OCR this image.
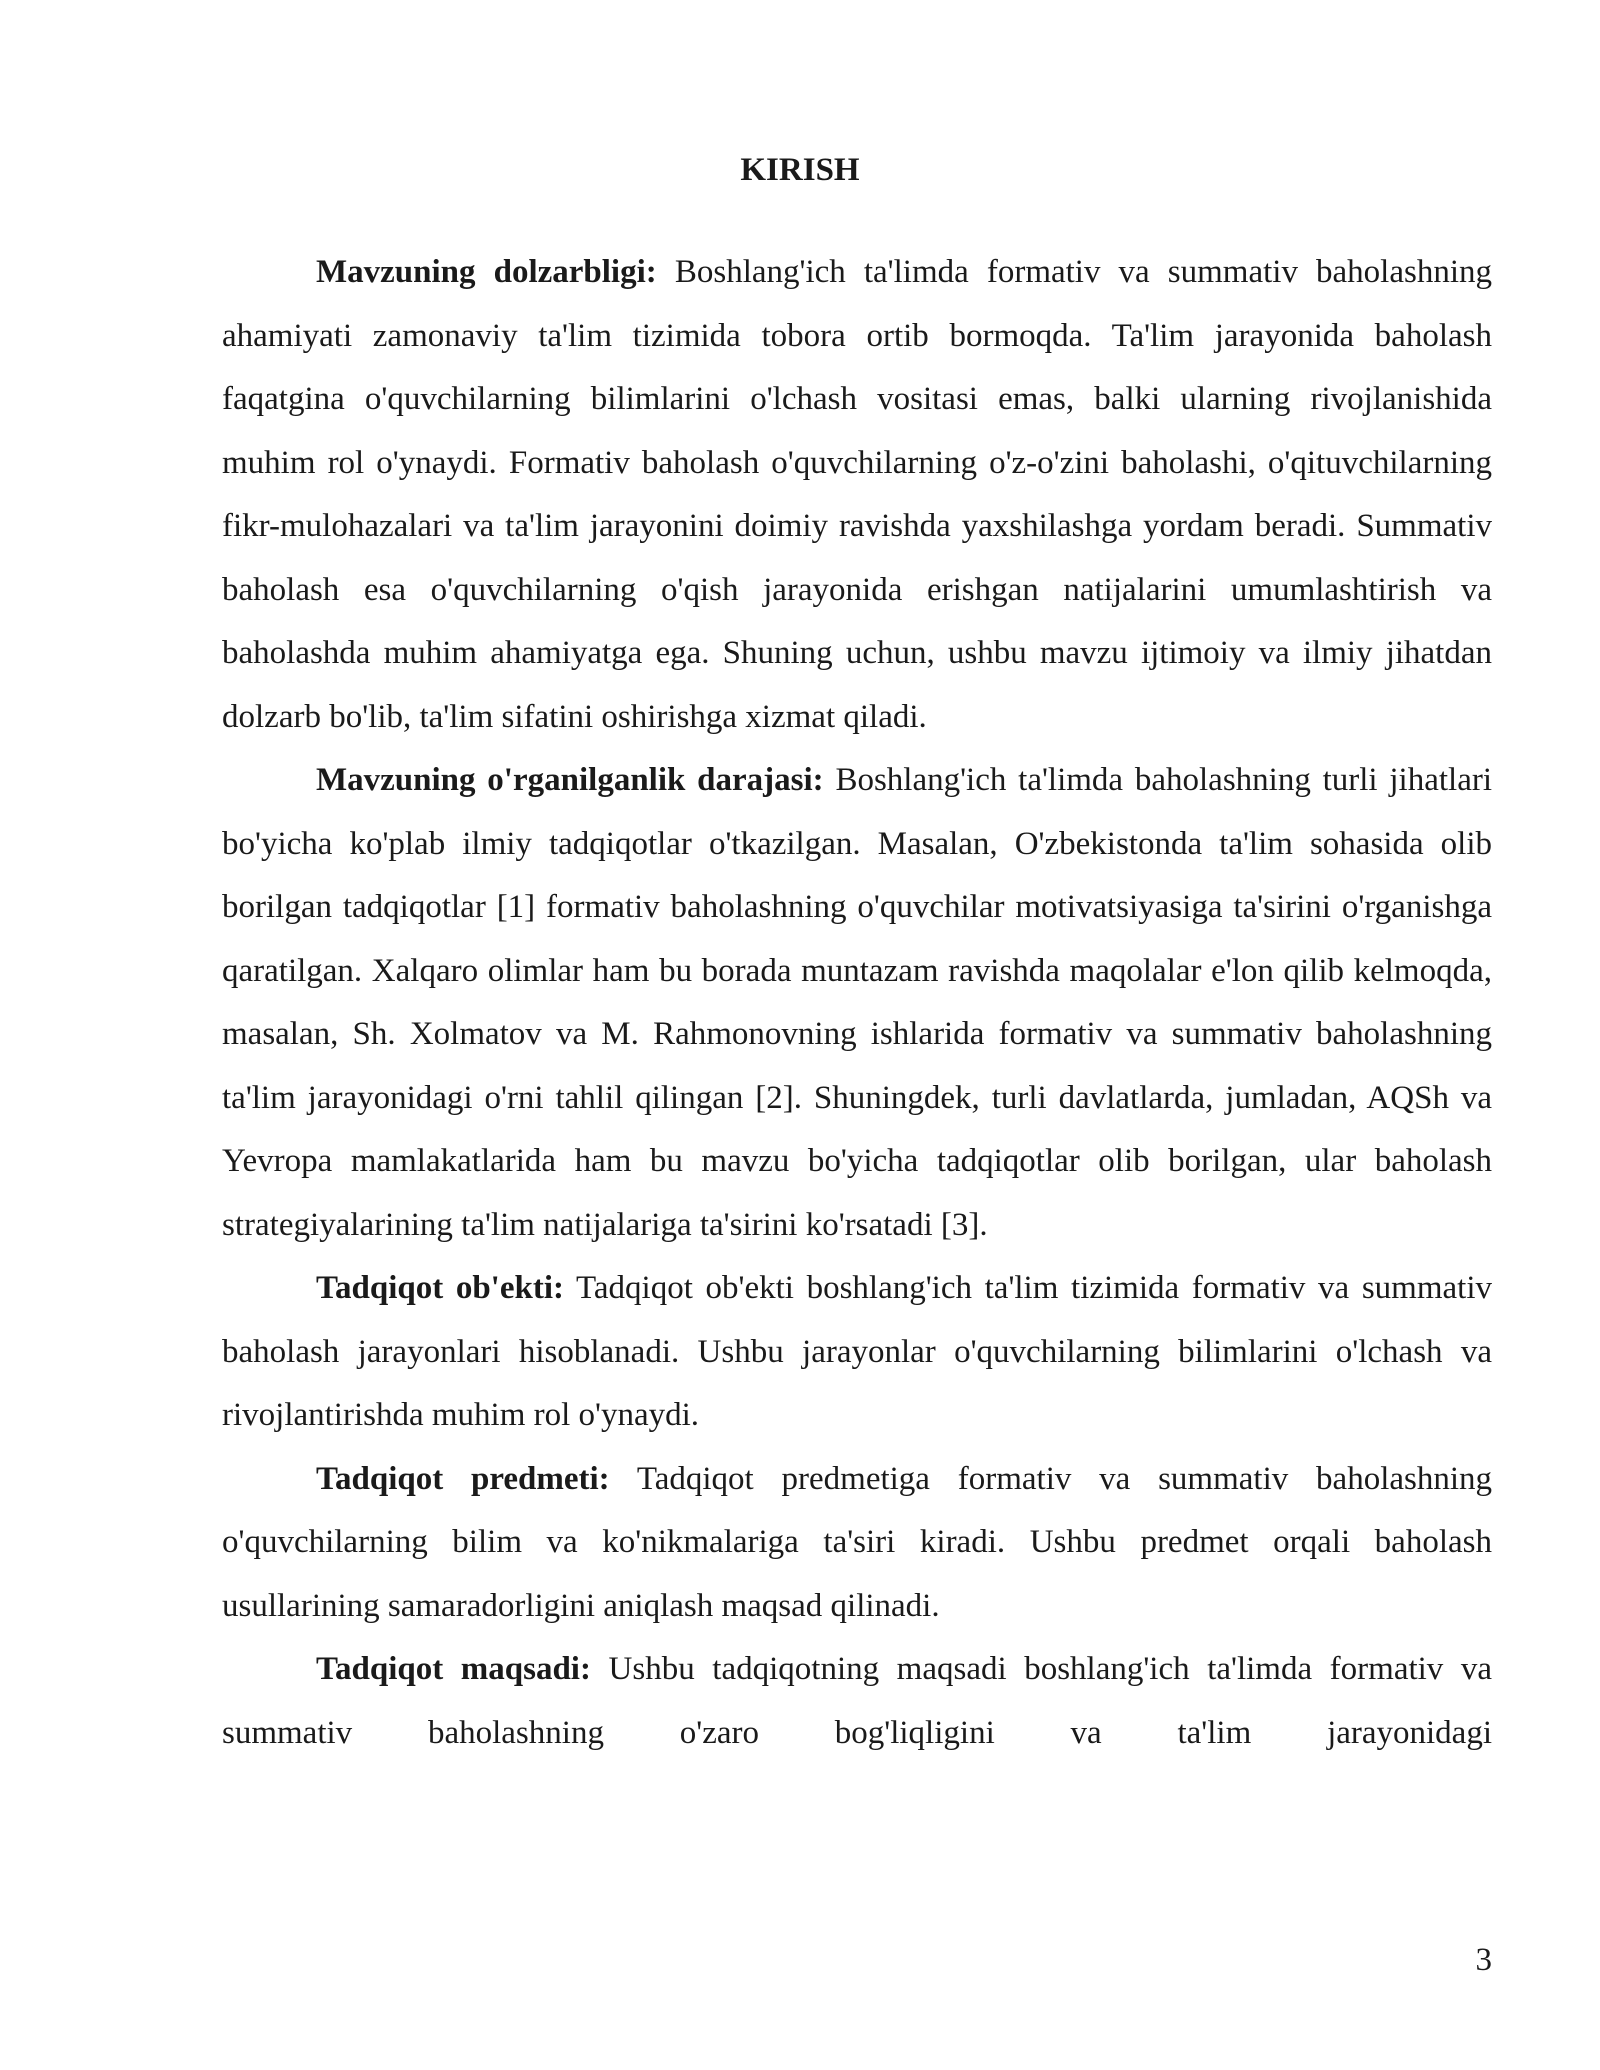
KIRISH

Mavzuning dolzarbligi: Boshlang'ich ta'limda formativ va summativ baholashning ahamiyati zamonaviy ta'lim tizimida tobora ortib bormoqda. Ta'lim jarayonida baholash faqatgina o'quvchilarning bilimlarini o'lchash vositasi emas, balki ularning rivojlanishida muhim rol o'ynaydi. Formativ baholash o'quvchilarning o'z-o'zini baholashi, o'qituvchilarning fikr-mulohazalari va ta'lim jarayonini doimiy ravishda yaxshilashga yordam beradi. Summativ baholash esa o'quvchilarning o'qish jarayonida erishgan natijalarini umumlashtirish va baholashda muhim ahamiyatga ega. Shuning uchun, ushbu mavzu ijtimoiy va ilmiy jihatdan dolzarb bo'lib, ta'lim sifatini oshirishga xizmat qiladi.

Mavzuning o'rganilganlik darajasi: Boshlang'ich ta'limda baholashning turli jihatlari bo'yicha ko'plab ilmiy tadqiqotlar o'tkazilgan. Masalan, O'zbekistonda ta'lim sohasida olib borilgan tadqiqotlar [1] formativ baholashning o'quvchilar motivatsiyasiga ta'sirini o'rganishga qaratilgan. Xalqaro olimlar ham bu borada muntazam ravishda maqolalar e'lon qilib kelmoqda, masalan, Sh. Xolmatov va M. Rahmonovning ishlarida formativ va summativ baholashning ta'lim jarayonidagi o'rni tahlil qilingan [2]. Shuningdek, turli davlatlarda, jumladan, AQSh va Yevropa mamlakatlarida ham bu mavzu bo'yicha tadqiqotlar olib borilgan, ular baholash strategiyalarining ta'lim natijalariga ta'sirini ko'rsatadi [3].

Tadqiqot ob'ekti: Tadqiqot ob'ekti boshlang'ich ta'lim tizimida formativ va summativ baholash jarayonlari hisoblanadi. Ushbu jarayonlar o'quvchilarning bilimlarini o'lchash va rivojlantirishda muhim rol o'ynaydi.

Tadqiqot predmeti: Tadqiqot predmetiga formativ va summativ baholashning o'quvchilarning bilim va ko'nikmalariga ta'siri kiradi. Ushbu predmet orqali baholash usullarining samaradorligini aniqlash maqsad qilinadi.

Tadqiqot maqsadi: Ushbu tadqiqotning maqsadi boshlang'ich ta'limda formativ va summativ baholashning o'zaro bog'liqligini va ta'lim jarayonidagi

3
